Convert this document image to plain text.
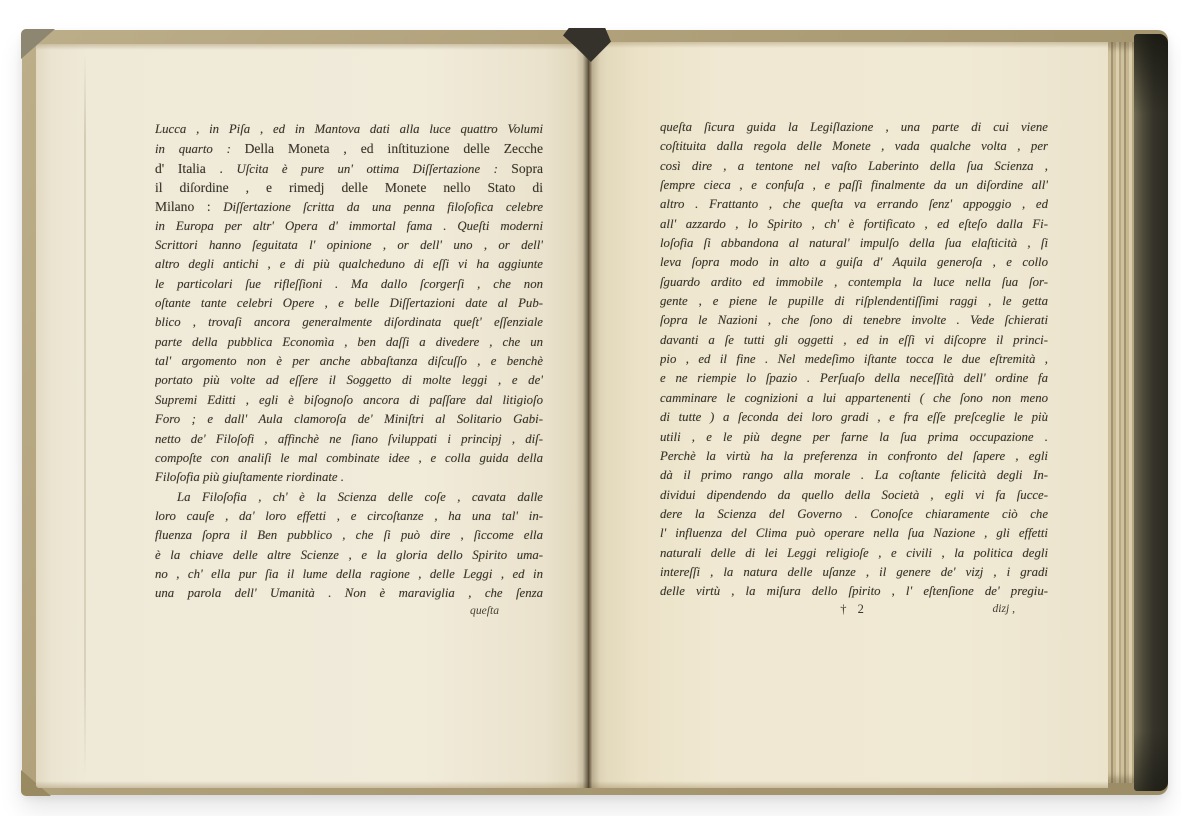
Lucca , in Piſa , ed in Mantova dati alla luce quattro Volumi
in quarto : Della Moneta , ed inſtituzione delle Zecche
d' Italia . Uſcita è pure un' ottima Diſſertazione : Sopra
il diſordine , e rimedj delle Monete nello Stato di
Milano : Diſſertazione ſcritta da una penna filoſofica celebre
in Europa per altr' Opera d' immortal fama . Queſti moderni
Scrittori hanno ſeguitata l' opinione , or dell' uno , or dell'
altro degli antichi , e di più qualcheduno di eſſi vi ha aggiunte
le particolari ſue rifleſſioni . Ma dallo ſcorgerſi , che non
oſtante tante celebri Opere , e belle Diſſertazioni date al Pub-
blico , trovaſi ancora generalmente diſordinata queſt' eſſenziale
parte della pubblica Economìa , ben daſſi a divedere , che un
tal' argomento non è per anche abbaſtanza diſcuſſo , e benchè
portato più volte ad eſſere il Soggetto di molte leggi , e de'
Supremi Editti , egli è biſognoſo ancora di paſſare dal litigioſo
Foro ; e dall' Aula clamoroſa de' Miniſtri al Solitario Gabi-
netto de' Filoſofi , affinchè ne ſiano ſviluppati i principj , diſ-
compoſte con analiſi le mal combinate idee , e colla guida della
Filoſofia più giuſtamente riordinate .
La Filoſofia , ch' è la Scienza delle coſe , cavata dalle
loro cauſe , da' loro effetti , e circoſtanze , ha una tal' in-
fluenza ſopra il Ben pubblico , che ſi può dire , ſiccome ella
è la chiave delle altre Scienze , e la gloria dello Spirito uma-
no , ch' ella pur ſia il lume della ragione , delle Leggi , ed in
una parola dell' Umanità . Non è maraviglia , che ſenza
queſta
queſta ſicura guida la Legiſlazione , una parte di cui viene
coſtituita dalla regola delle Monete , vada qualche volta , per
così dire , a tentone nel vaſto Laberinto della ſua Scienza ,
ſempre cieca , e confuſa , e paſſi finalmente da un diſordine all'
altro . Frattanto , che queſta va errando ſenz' appoggio , ed
all' azzardo , lo Spirito , ch' è fortificato , ed eſteſo dalla Fi-
loſofia ſi abbandona al natural' impulſo della ſua elaſticità , ſi
leva ſopra modo in alto a guiſa d' Aquila generoſa , e collo
ſguardo ardito ed immobile , contempla la luce nella ſua ſor-
gente , e piene le pupille di riſplendentiſſimi raggi , le getta
ſopra le Nazioni , che ſono di tenebre involte . Vede ſchierati
davanti a ſe tutti gli oggetti , ed in eſſi vi diſcopre il princi-
pio , ed il fine . Nel medeſimo iſtante tocca le due eſtremità ,
e ne riempie lo ſpazio . Perſuaſo della neceſſità dell' ordine fa
camminare le cognizioni a lui appartenenti ( che ſono non meno
di tutte ) a ſeconda dei loro gradi , e fra eſſe preſceglie le più
utili , e le più degne per farne la ſua prima occupazione .
Perchè la virtù ha la preferenza in confronto del ſapere , egli
dà il primo rango alla morale . La coſtante felicità degli In-
dividui dipendendo da quello della Società , egli vi fa ſucce-
dere la Scienza del Governo . Conoſce chiaramente ciò che
l' influenza del Clima può operare nella ſua Nazione , gli effetti
naturali delle di lei Leggi religioſe , e civili , la politica degli
intereſſi , la natura delle uſanze , il genere de' vizj , i gradi
delle virtù , la miſura dello ſpirito , l' eſtenſione de' pregiu-
† 2	dizj ,
